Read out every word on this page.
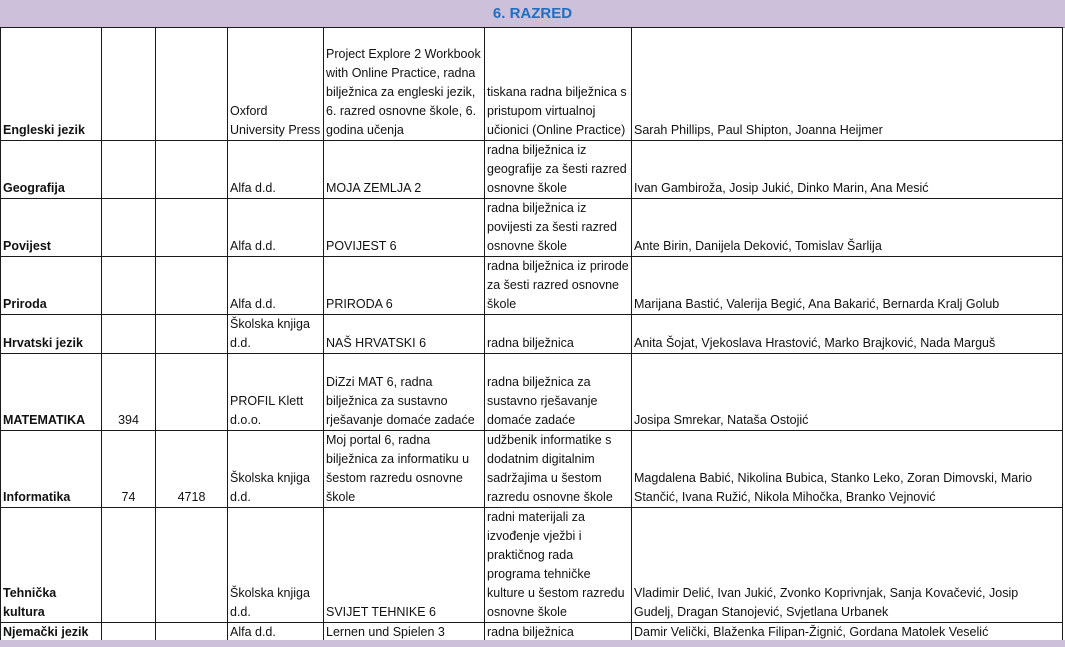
6. RAZRED
Engleski jezik			Oxford University Press	Project Explore 2 Workbook with Online Practice, radna bilježnica za engleski jezik, 6. razred osnovne škole, 6. godina učenja	tiskana radna bilježnica s pristupom virtualnoj učionici (Online Practice)	Sarah Phillips, Paul Shipton, Joanna Heijmer
Geografija			Alfa d.d.	MOJA ZEMLJA 2	radna bilježnica iz geografije za šesti razred osnovne škole	Ivan Gambiroža, Josip Jukić, Dinko Marin, Ana Mesić
Povijest			Alfa d.d.	POVIJEST 6	radna bilježnica iz povijesti za šesti razred osnovne škole	Ante Birin, Danijela Deković, Tomislav Šarlija
Priroda			Alfa d.d.	PRIRODA 6	radna bilježnica iz prirode za šesti razred osnovne škole	Marijana Bastić, Valerija Begić, Ana Bakarić, Bernarda Kralj Golub
Hrvatski jezik			Školska knjiga d.d.	NAŠ HRVATSKI 6	radna bilježnica	Anita Šojat, Vjekoslava Hrastović, Marko Brajković, Nada Marguš
MATEMATIKA	394		PROFIL Klett d.o.o.	DiZzi MAT 6, radna bilježnica za sustavno rješavanje domaće zadaće	radna bilježnica za sustavno rješavanje domaće zadaće	Josipa Smrekar, Nataša Ostojić
Informatika	74	4718	Školska knjiga d.d.	Moj portal 6, radna bilježnica za informatiku u šestom razredu osnovne škole	udžbenik informatike s dodatnim digitalnim sadržajima u šestom razredu osnovne škole	Magdalena Babić, Nikolina Bubica, Stanko Leko, Zoran Dimovski, Mario Stančić, Ivana Ružić, Nikola Mihočka, Branko Vejnović
Tehnička kultura			Školska knjiga d.d.	SVIJET TEHNIKE 6	radni materijali za izvođenje vježbi i praktičnog rada programa tehničke kulture u šestom razredu osnovne škole	Vladimir Delić, Ivan Jukić, Zvonko Koprivnjak, Sanja Kovačević, Josip Gudelj, Dragan Stanojević, Svjetlana Urbanek
Njemački jezik			Alfa d.d.	Lernen und Spielen 3	radna bilježnica	Damir Velički, Blaženka Filipan-Žignić, Gordana Matolek Veselić
